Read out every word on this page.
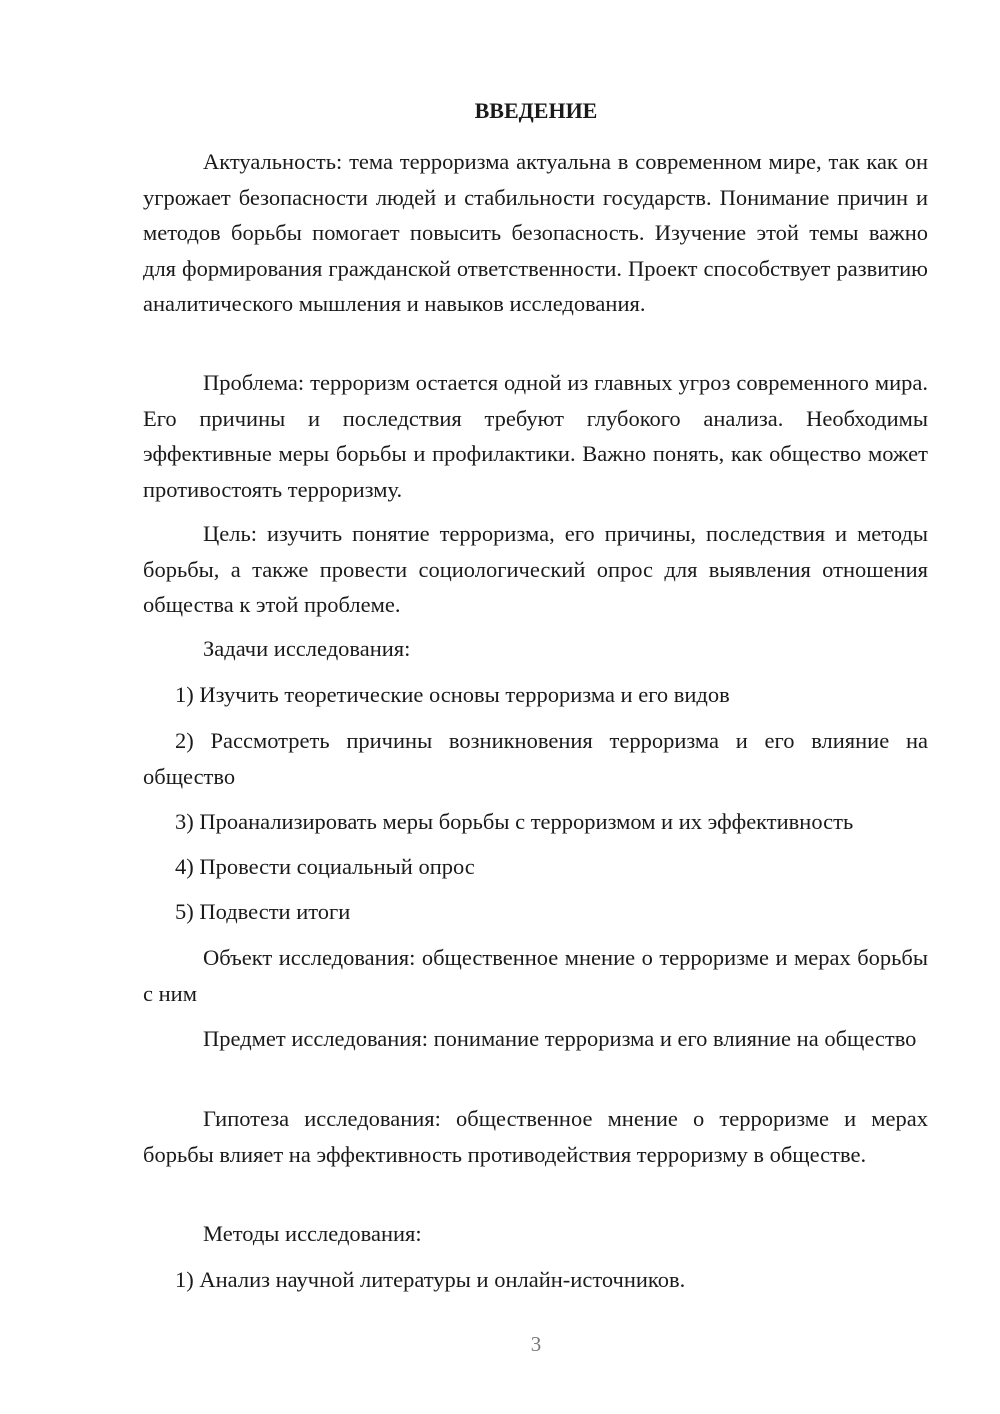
ВВЕДЕНИЕ

Актуальность: тема терроризма актуальна в современном мире, так как он угрожает безопасности людей и стабильности государств. Понимание причин и методов борьбы помогает повысить безопасность. Изучение этой темы важно для формирования гражданской ответственности. Проект способствует развитию аналитического мышления и навыков исследования.

Проблема: терроризм остается одной из главных угроз современного мира. Его причины и последствия требуют глубокого анализа. Необходимы эффективные меры борьбы и профилактики. Важно понять, как общество может противостоять терроризму.

Цель: изучить понятие терроризма, его причины, последствия и методы борьбы, а также провести социологический опрос для выявления отношения общества к этой проблеме.

Задачи исследования:

1) Изучить теоретические основы терроризма и его видов

2) Рассмотреть причины возникновения терроризма и его влияние на общество

3) Проанализировать меры борьбы с терроризмом и их эффективность

4) Провести социальный опрос

5) Подвести итоги

Объект исследования: общественное мнение о терроризме и мерах борьбы с ним

Предмет исследования: понимание терроризма и его влияние на общество

Гипотеза исследования: общественное мнение о терроризме и мерах борьбы влияет на эффективность противодействия терроризму в обществе.

Методы исследования:

1) Анализ научной литературы и онлайн-источников.

3
